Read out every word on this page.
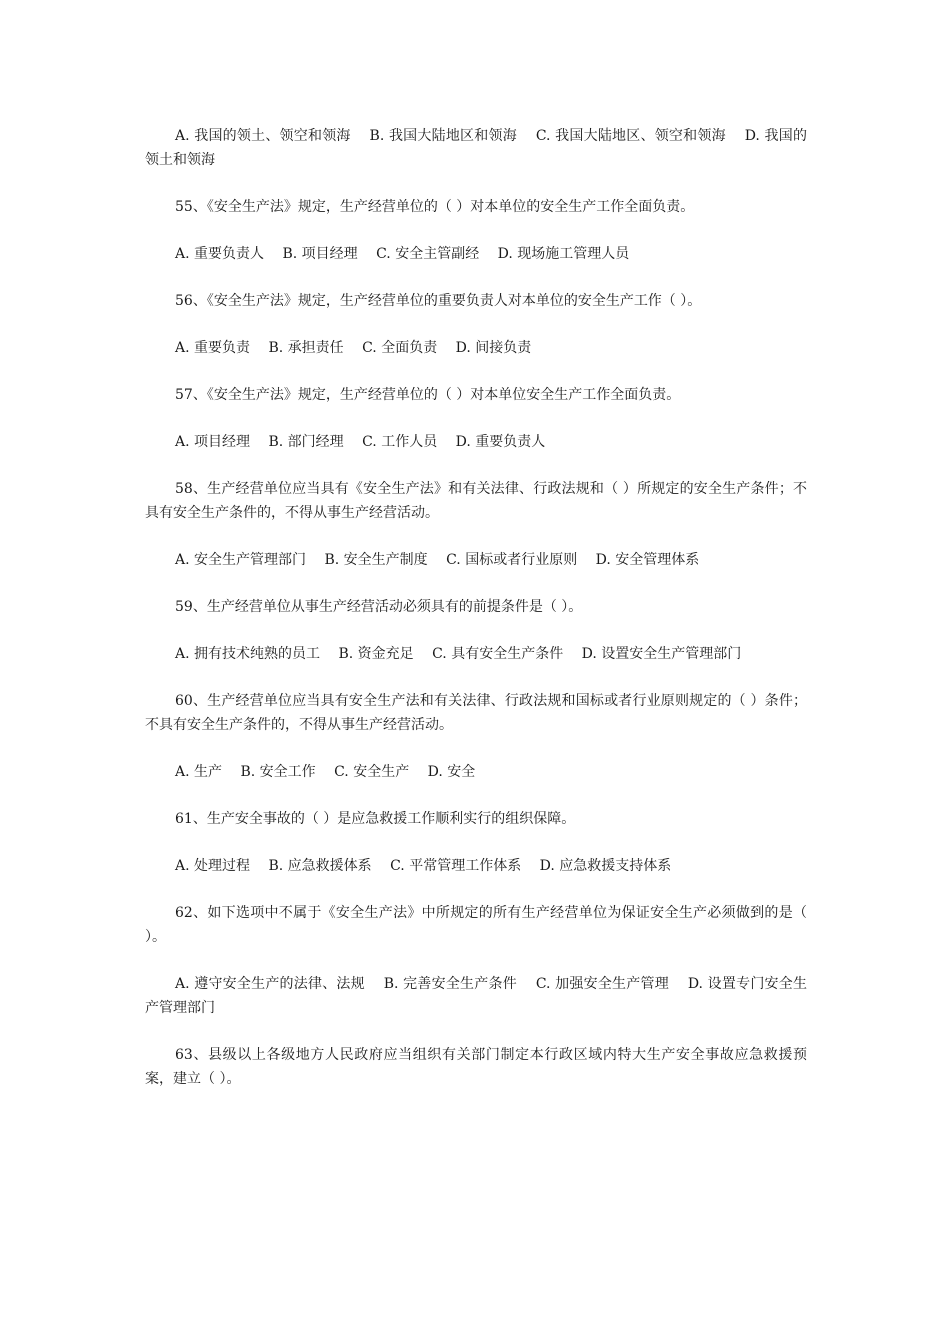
A. 我国的领土、领空和领海　 B. 我国大陆地区和领海　 C. 我国大陆地区、领空和领海　 D. 我国的领土和领海

55、《安全生产法》规定，生产经营单位的（ ）对本单位的安全生产工作全面负责。

A. 重要负责人　 B. 项目经理　 C. 安全主管副经　 D. 现场施工管理人员

56、《安全生产法》规定，生产经营单位的重要负责人对本单位的安全生产工作（ ）。

A. 重要负责　 B. 承担责任　 C. 全面负责　 D. 间接负责

57、《安全生产法》规定，生产经营单位的（ ）对本单位安全生产工作全面负责。

A. 项目经理　 B. 部门经理　 C. 工作人员　 D. 重要负责人

58、生产经营单位应当具有《安全生产法》和有关法律、行政法规和（ ）所规定的安全生产条件；不具有安全生产条件的，不得从事生产经营活动。

A. 安全生产管理部门　 B. 安全生产制度　 C. 国标或者行业原则　 D. 安全管理体系

59、生产经营单位从事生产经营活动必须具有的前提条件是（ ）。

A. 拥有技术纯熟的员工　 B. 资金充足　 C. 具有安全生产条件　 D. 设置安全生产管理部门

60、生产经营单位应当具有安全生产法和有关法律、行政法规和国标或者行业原则规定的（ ）条件；不具有安全生产条件的，不得从事生产经营活动。

A. 生产　 B. 安全工作　 C. 安全生产　 D. 安全

61、生产安全事故的（ ）是应急救援工作顺利实行的组织保障。

A. 处理过程　 B. 应急救援体系　 C. 平常管理工作体系　 D. 应急救援支持体系

62、如下选项中不属于《安全生产法》中所规定的所有生产经营单位为保证安全生产必须做到的是（ ）。

A. 遵守安全生产的法律、法规　 B. 完善安全生产条件　 C. 加强安全生产管理　 D. 设置专门安全生产管理部门

63、县级以上各级地方人民政府应当组织有关部门制定本行政区域内特大生产安全事故应急救援预案，建立（ ）。
